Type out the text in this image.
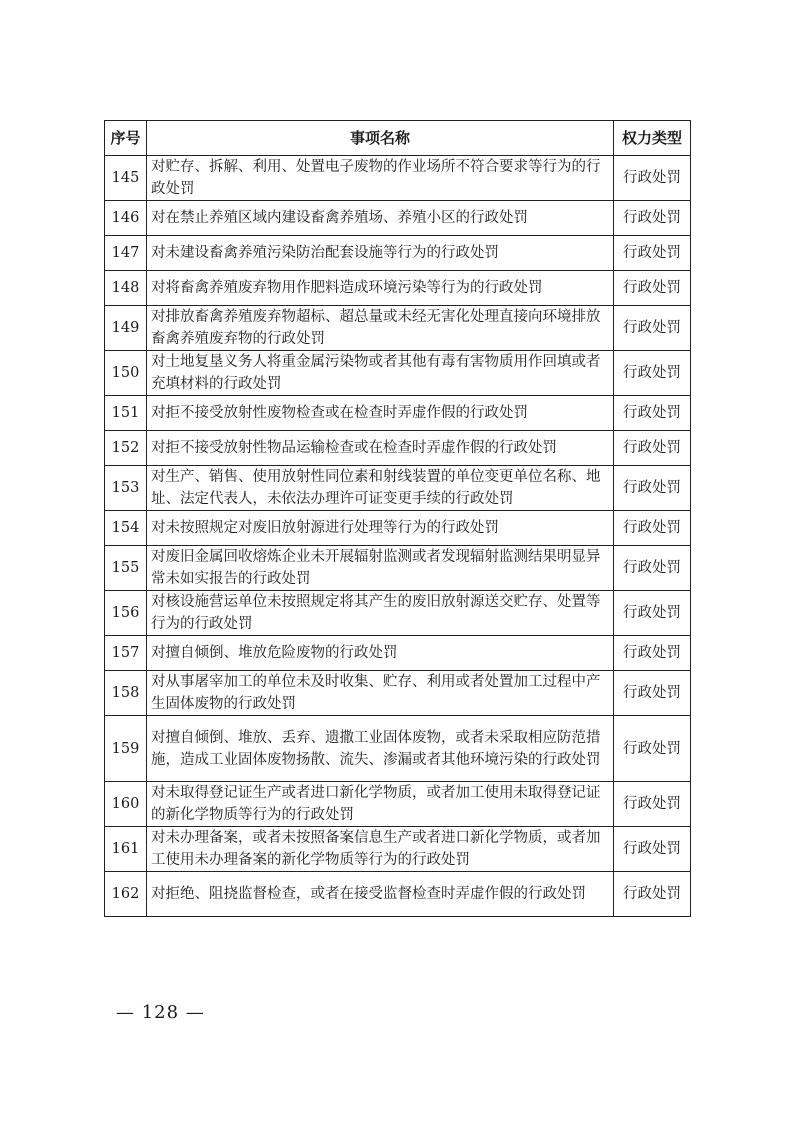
序号	事项名称	权力类型
145	对贮存、拆解、利用、处置电子废物的作业场所不符合要求等行为的行政处罚	行政处罚
146	对在禁止养殖区域内建设畜禽养殖场、养殖小区的行政处罚	行政处罚
147	对未建设畜禽养殖污染防治配套设施等行为的行政处罚	行政处罚
148	对将畜禽养殖废弃物用作肥料造成环境污染等行为的行政处罚	行政处罚
149	对排放畜禽养殖废弃物超标、超总量或未经无害化处理直接向环境排放畜禽养殖废弃物的行政处罚	行政处罚
150	对土地复垦义务人将重金属污染物或者其他有毒有害物质用作回填或者充填材料的行政处罚	行政处罚
151	对拒不接受放射性废物检查或在检查时弄虚作假的行政处罚	行政处罚
152	对拒不接受放射性物品运输检查或在检查时弄虚作假的行政处罚	行政处罚
153	对生产、销售、使用放射性同位素和射线装置的单位变更单位名称、地址、法定代表人，未依法办理许可证变更手续的行政处罚	行政处罚
154	对未按照规定对废旧放射源进行处理等行为的行政处罚	行政处罚
155	对废旧金属回收熔炼企业未开展辐射监测或者发现辐射监测结果明显异常未如实报告的行政处罚	行政处罚
156	对核设施营运单位未按照规定将其产生的废旧放射源送交贮存、处置等行为的行政处罚	行政处罚
157	对擅自倾倒、堆放危险废物的行政处罚	行政处罚
158	对从事屠宰加工的单位未及时收集、贮存、利用或者处置加工过程中产生固体废物的行政处罚	行政处罚
159	对擅自倾倒、堆放、丢弃、遗撒工业固体废物，或者未采取相应防范措施，造成工业固体废物扬散、流失、渗漏或者其他环境污染的行政处罚	行政处罚
160	对未取得登记证生产或者进口新化学物质，或者加工使用未取得登记证的新化学物质等行为的行政处罚	行政处罚
161	对未办理备案，或者未按照备案信息生产或者进口新化学物质，或者加工使用未办理备案的新化学物质等行为的行政处罚	行政处罚
162	对拒绝、阻挠监督检查，或者在接受监督检查时弄虚作假的行政处罚	行政处罚
— 128 —
